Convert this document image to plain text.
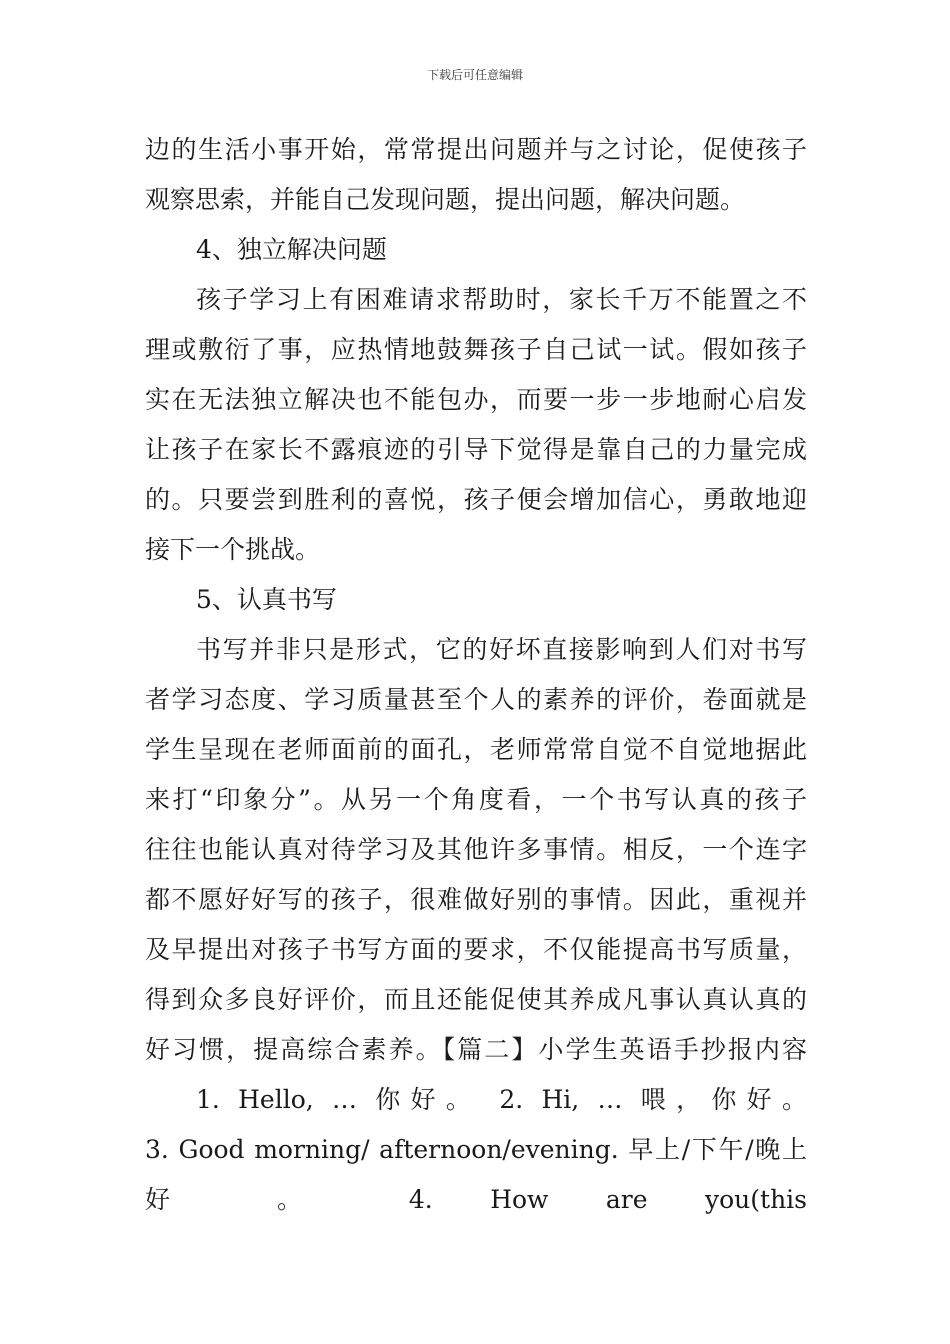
下载后可任意编辑
边的生活小事开始，常常提出问题并与之讨论，促使孩子
观察思索，并能自己发现问题，提出问题，解决问题。
4、独立解决问题
孩子学习上有困难请求帮助时，家长千万不能置之不
理或敷衍了事，应热情地鼓舞孩子自己试一试。假如孩子
实在无法独立解决也不能包办，而要一步一步地耐心启发
让孩子在家长不露痕迹的引导下觉得是靠自己的力量完成
的。只要尝到胜利的喜悦，孩子便会增加信心，勇敢地迎
接下一个挑战。
5、认真书写
书写并非只是形式，它的好坏直接影响到人们对书写
者学习态度、学习质量甚至个人的素养的评价，卷面就是
学生呈现在老师面前的面孔，老师常常自觉不自觉地据此
来打“印象分”。从另一个角度看，一个书写认真的孩子
往往也能认真对待学习及其他许多事情。相反，一个连字
都不愿好好写的孩子，很难做好别的事情。因此，重视并
及早提出对孩子书写方面的要求，不仅能提高书写质量，
得到众多良好评价，而且还能促使其养成凡事认真认真的
好习惯，提高综合素养。【篇二】小学生英语手抄报内容
1. Hello, … 你好。 2. Hi, … 喂，你好。
3. Good morning/ afternoon/evening. 早上/下午/晚上
好 。 4. How are you(this
